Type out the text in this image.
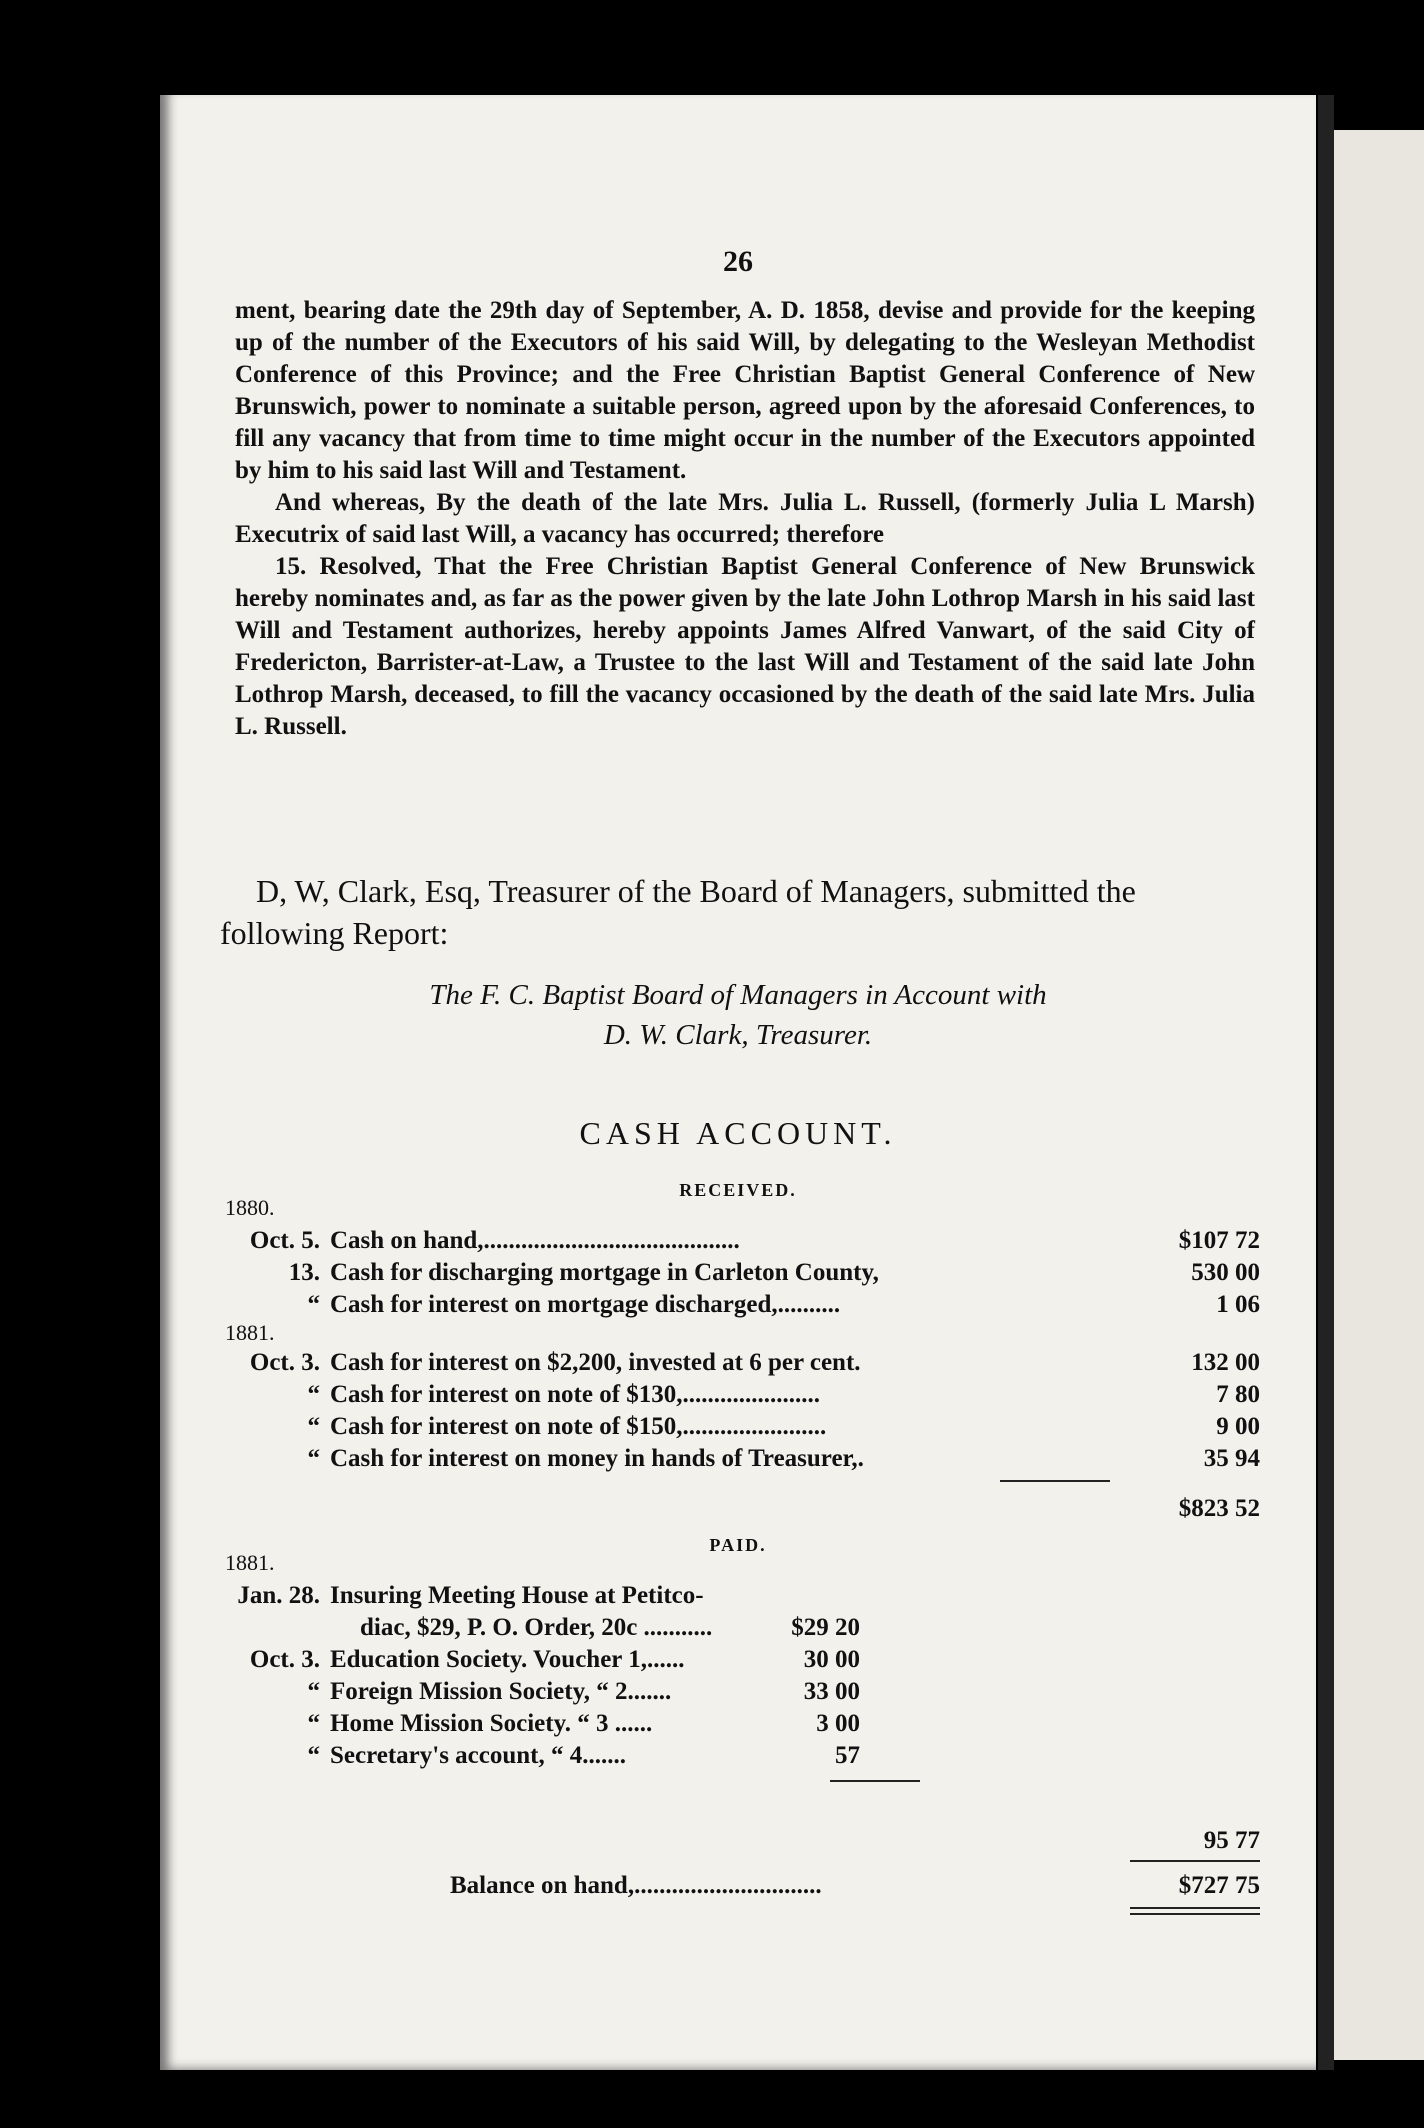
26

ment, bearing date the 29th day of September, A. D. 1858, devise and provide for the keeping up of the number of the Executors of his said Will, by delegating to the Wesleyan Methodist Conference of this Province; and the Free Christian Baptist General Conference of New Brunswich, power to nominate a suitable person, agreed upon by the aforesaid Conferences, to fill any vacancy that from time to time might occur in the number of the Executors appointed by him to his said last Will and Testament.

And whereas, By the death of the late Mrs. Julia L. Russell, (formerly Julia L Marsh) Executrix of said last Will, a vacancy has occurred; therefore

15. Resolved, That the Free Christian Baptist General Conference of New Brunswick hereby nominates and, as far as the power given by the late John Lothrop Marsh in his said last Will and Testament authorizes, hereby appoints James Alfred Vanwart, of the said City of Fredericton, Barrister-at-Law, a Trustee to the last Will and Testament of the said late John Lothrop Marsh, deceased, to fill the vacancy occasioned by the death of the said late Mrs. Julia L. Russell.

D, W, Clark, Esq, Treasurer of the Board of Managers, submitted the following Report:
The F. C. Baptist Board of Managers in Account with
D. W. Clark, Treasurer.
CASH ACCOUNT.
RECEIVED.
1880.
Oct. 5. Cash on hand,.........................................	$107 72
13. Cash for discharging mortgage in Carleton County,	530 00
“ Cash for interest on mortgage discharged,..........	1 06
1881.
Oct. 3. Cash for interest on $2,200, invested at 6 per cent.	132 00
“ Cash for interest on note of $130,......................	7 80
“ Cash for interest on note of $150,.......................	9 00
“ Cash for interest on money in hands of Treasurer,.	35 94
$823 52
PAID.
1881.
Jan. 28. Insuring Meeting House at Petitco-
diac, $29, P. O. Order, 20c ...........	$29 20
Oct. 3. Education Society. Voucher 1,......	30 00
“ Foreign Mission Society, “ 2.......	33 00
“ Home Mission Society. “ 3 ......	3 00
“ Secretary's account, “ 4.......	57
95 77
Balance on hand,..............................	$727 75
